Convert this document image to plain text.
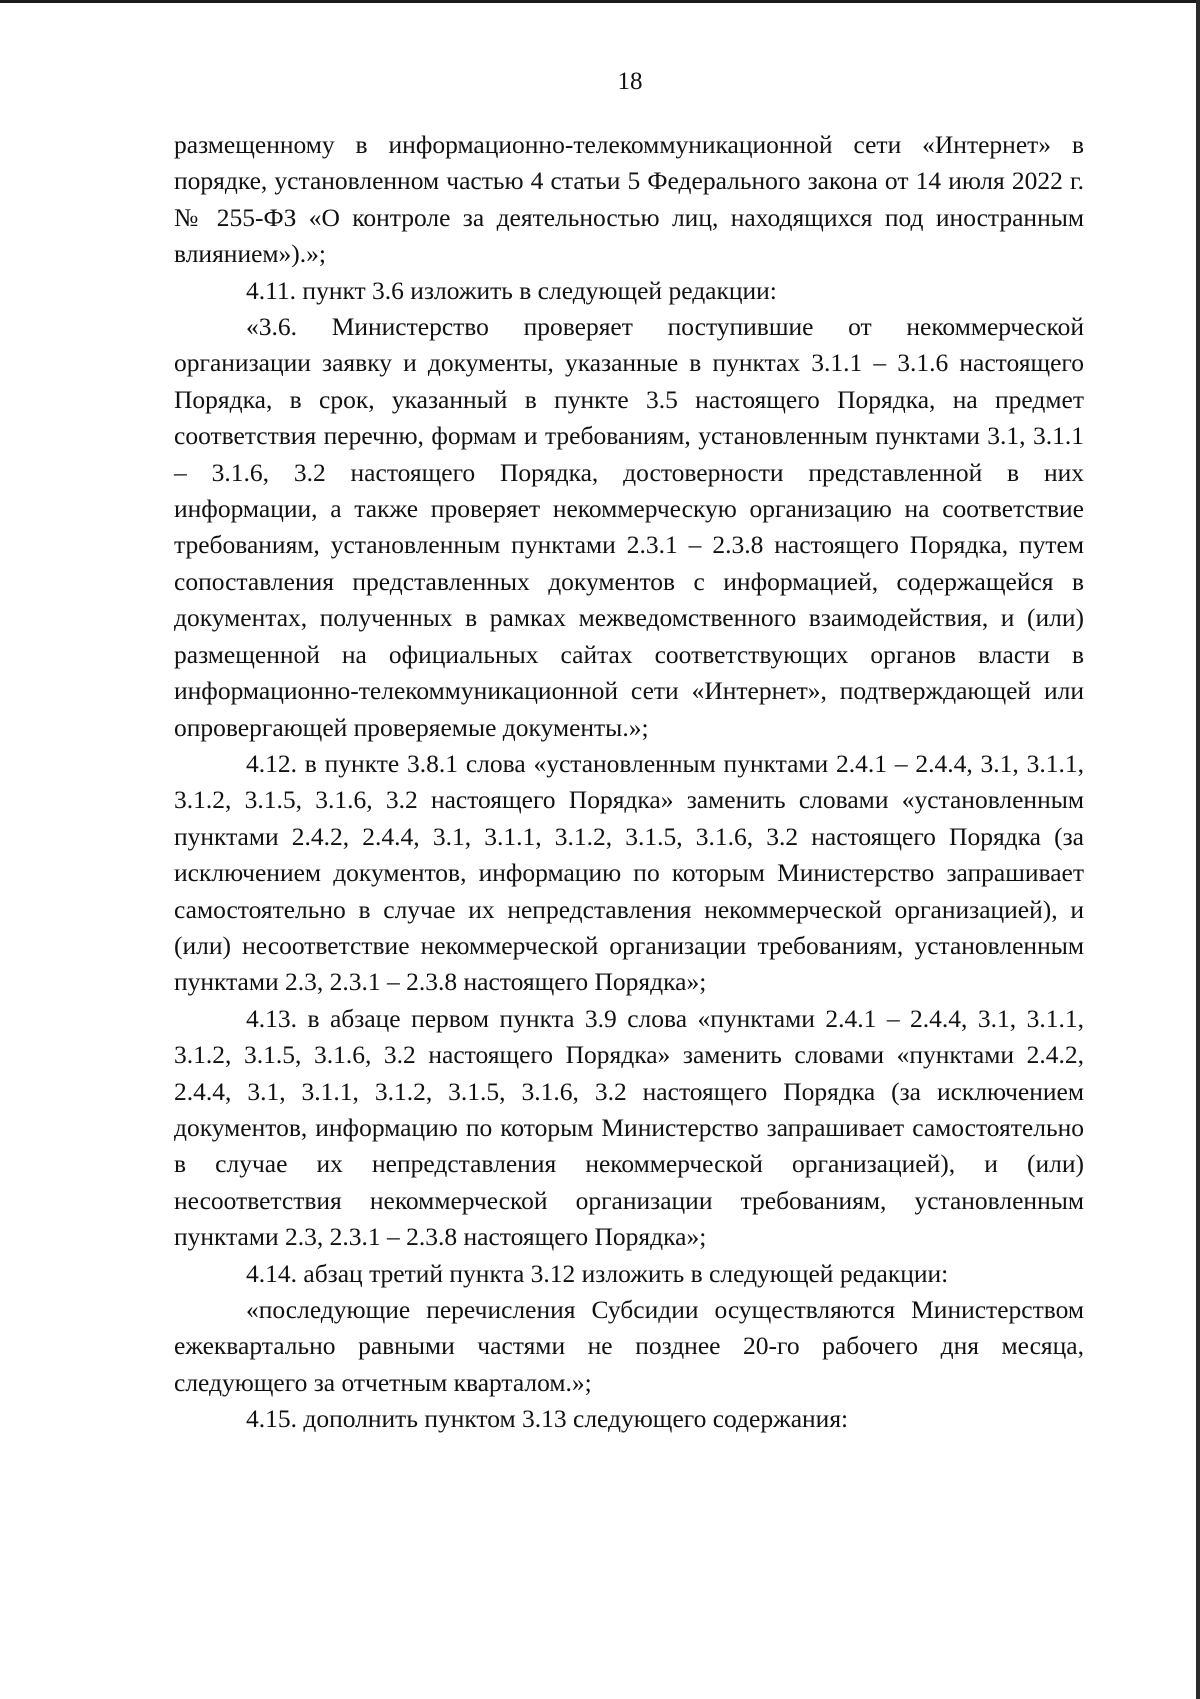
18

размещенному в информационно-телекоммуникационной сети «Интернет» в порядке, установленном частью 4 статьи 5 Федерального закона от 14 июля 2022 г. № 255-ФЗ «О контроле за деятельностью лиц, находящихся под иностранным влиянием»).»;

4.11. пункт 3.6 изложить в следующей редакции:

«3.6. Министерство проверяет поступившие от некоммерческой организации заявку и документы, указанные в пунктах 3.1.1 – 3.1.6 настоящего Порядка, в срок, указанный в пункте 3.5 настоящего Порядка, на предмет соответствия перечню, формам и требованиям, установленным пунктами 3.1, 3.1.1 – 3.1.6, 3.2 настоящего Порядка, достоверности представленной в них информации, а также проверяет некоммерческую организацию на соответствие требованиям, установленным пунктами 2.3.1 – 2.3.8 настоящего Порядка, путем сопоставления представленных документов с информацией, содержащейся в документах, полученных в рамках межведомственного взаимодействия, и (или) размещенной на официальных сайтах соответствующих органов власти в информационно-телекоммуникационной сети «Интернет», подтверждающей или опровергающей проверяемые документы.»;

4.12. в пункте 3.8.1 слова «установленным пунктами 2.4.1 – 2.4.4, 3.1, 3.1.1, 3.1.2, 3.1.5, 3.1.6, 3.2 настоящего Порядка» заменить словами «установленным пунктами 2.4.2, 2.4.4, 3.1, 3.1.1, 3.1.2, 3.1.5, 3.1.6, 3.2 настоящего Порядка (за исключением документов, информацию по которым Министерство запрашивает самостоятельно в случае их непредставления некоммерческой организацией), и (или) несоответствие некоммерческой организации требованиям, установленным пунктами 2.3, 2.3.1 – 2.3.8 настоящего Порядка»;

4.13. в абзаце первом пункта 3.9 слова «пунктами 2.4.1 – 2.4.4, 3.1, 3.1.1, 3.1.2, 3.1.5, 3.1.6, 3.2 настоящего Порядка» заменить словами «пунктами 2.4.2, 2.4.4, 3.1, 3.1.1, 3.1.2, 3.1.5, 3.1.6, 3.2 настоящего Порядка (за исключением документов, информацию по которым Министерство запрашивает самостоятельно в случае их непредставления некоммерческой организацией), и (или) несоответствия некоммерческой организации требованиям, установленным пунктами 2.3, 2.3.1 – 2.3.8 настоящего Порядка»;

4.14. абзац третий пункта 3.12 изложить в следующей редакции:

«последующие перечисления Субсидии осуществляются Министерством ежеквартально равными частями не позднее 20-го рабочего дня месяца, следующего за отчетным кварталом.»;

4.15. дополнить пунктом 3.13 следующего содержания:
